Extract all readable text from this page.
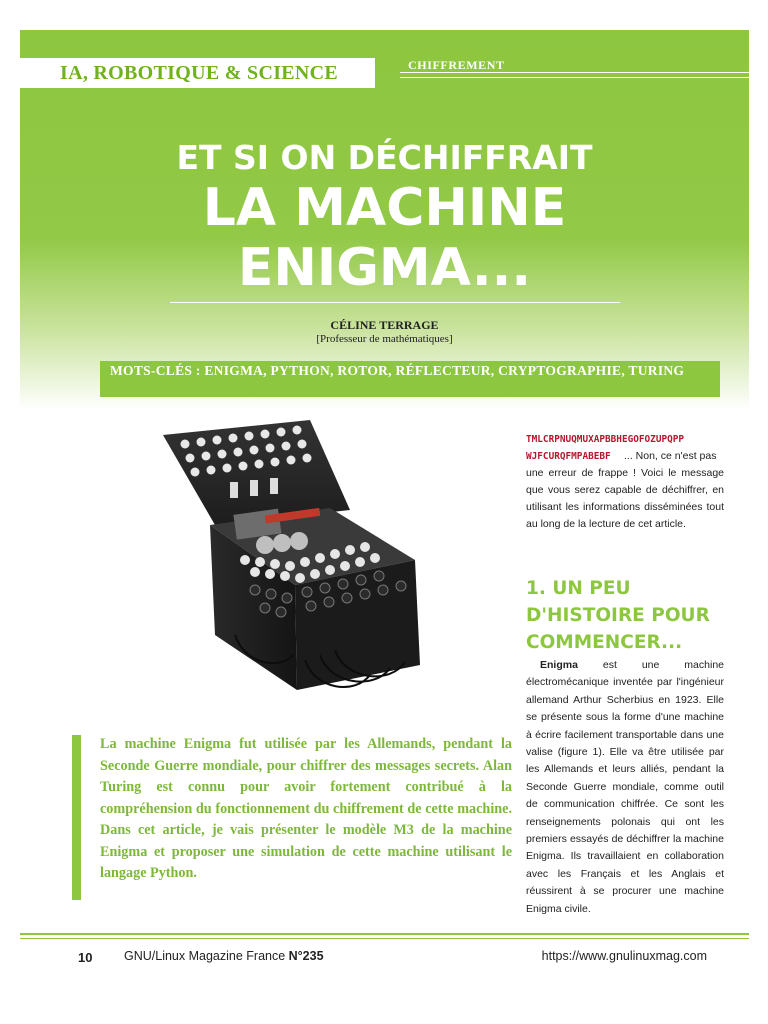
IA, ROBOTIQUE & SCIENCE	CHIFFREMENT
ET SI ON DÉCHIFFRAIT
LA MACHINE
ENIGMA...
CÉLINE TERRAGE
[Professeur de mathématiques]
MOTS-CLÉS : ENIGMA, PYTHON, ROTOR, RÉFLECTEUR, CRYPTOGRAPHIE, TURING
TMLCRPNUQMUXAPBBHEGOFOZUPQPP
WJFCURQFMPABEBF	... Non, ce n'est pas
une erreur de frappe ! Voici le message que vous serez capable de déchiffrer, en utilisant les informations disséminées tout au long de la lecture de cet article.
1. UN PEU D'HISTOIRE POUR COMMENCER...
Enigma est une machine électromécanique inventée par l'ingénieur allemand Arthur Scherbius en 1923. Elle se présente sous la forme d'une machine à écrire facilement transportable dans une valise (figure 1). Elle va être utilisée par les Allemands et leurs alliés, pendant la Seconde Guerre mondiale, comme outil de communication chiffrée. Ce sont les renseignements polonais qui ont les premiers essayés de déchiffrer la machine Enigma. Ils travaillaient en collaboration avec les Français et les Anglais et réussirent à se procurer une machine Enigma civile.
La machine Enigma fut utilisée par les Allemands, pendant la Seconde Guerre mondiale, pour chiffrer des messages secrets. Alan Turing est connu pour avoir fortement contribué à la compréhension du fonctionnement du chiffrement de cette machine. Dans cet article, je vais présenter le modèle M3 de la machine Enigma et proposer une simulation de cette machine utilisant le langage Python.
10	GNU/Linux Magazine France N°235	https://www.gnulinuxmag.com
